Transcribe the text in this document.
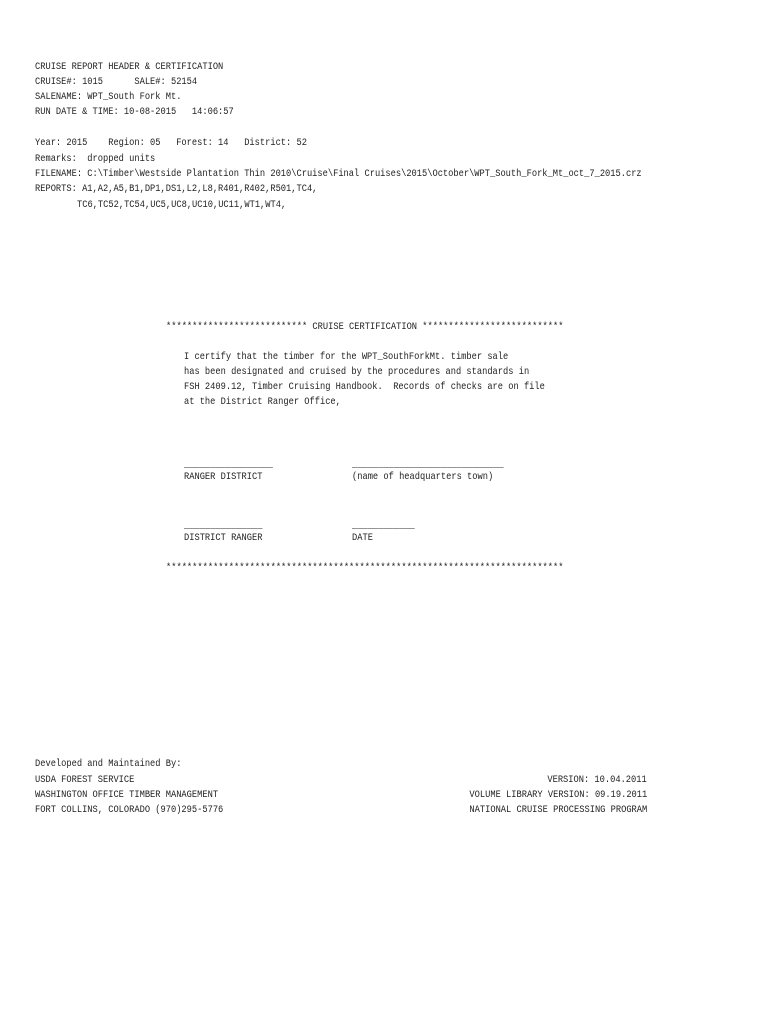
CRUISE REPORT HEADER & CERTIFICATION
CRUISE#: 1015      SALE#: 52154
SALENAME: WPT_South Fork Mt.
RUN DATE & TIME: 10-08-2015   14:06:57
Year: 2015    Region: 05   Forest: 14   District: 52
Remarks:  dropped units
FILENAME: C:\Timber\Westside Plantation Thin 2010\Cruise\Final Cruises\2015\October\WPT_South_Fork_Mt_oct_7_2015.crz
REPORTS: A1,A2,A5,B1,DP1,DS1,L2,L8,R401,R402,R501,TC4,
TC6,TC52,TC54,UC5,UC8,UC10,UC11,WT1,WT4,
*************************** CRUISE CERTIFICATION ***************************
I certify that the timber for the WPT_SouthForkMt. timber sale
has been designated and cruised by the procedures and standards in
FSH 2409.12, Timber Cruising Handbook.  Records of checks are on file
at the District Ranger Office,
_________________	_____________________________
RANGER DISTRICT	(name of headquarters town)
_______________	____________
DISTRICT RANGER	DATE
****************************************************************************
Developed and Maintained By:
USDA FOREST SERVICE
WASHINGTON OFFICE TIMBER MANAGEMENT
FORT COLLINS, COLORADO (970)295-5776
VERSION: 10.04.2011
VOLUME LIBRARY VERSION: 09.19.2011
NATIONAL CRUISE PROCESSING PROGRAM
